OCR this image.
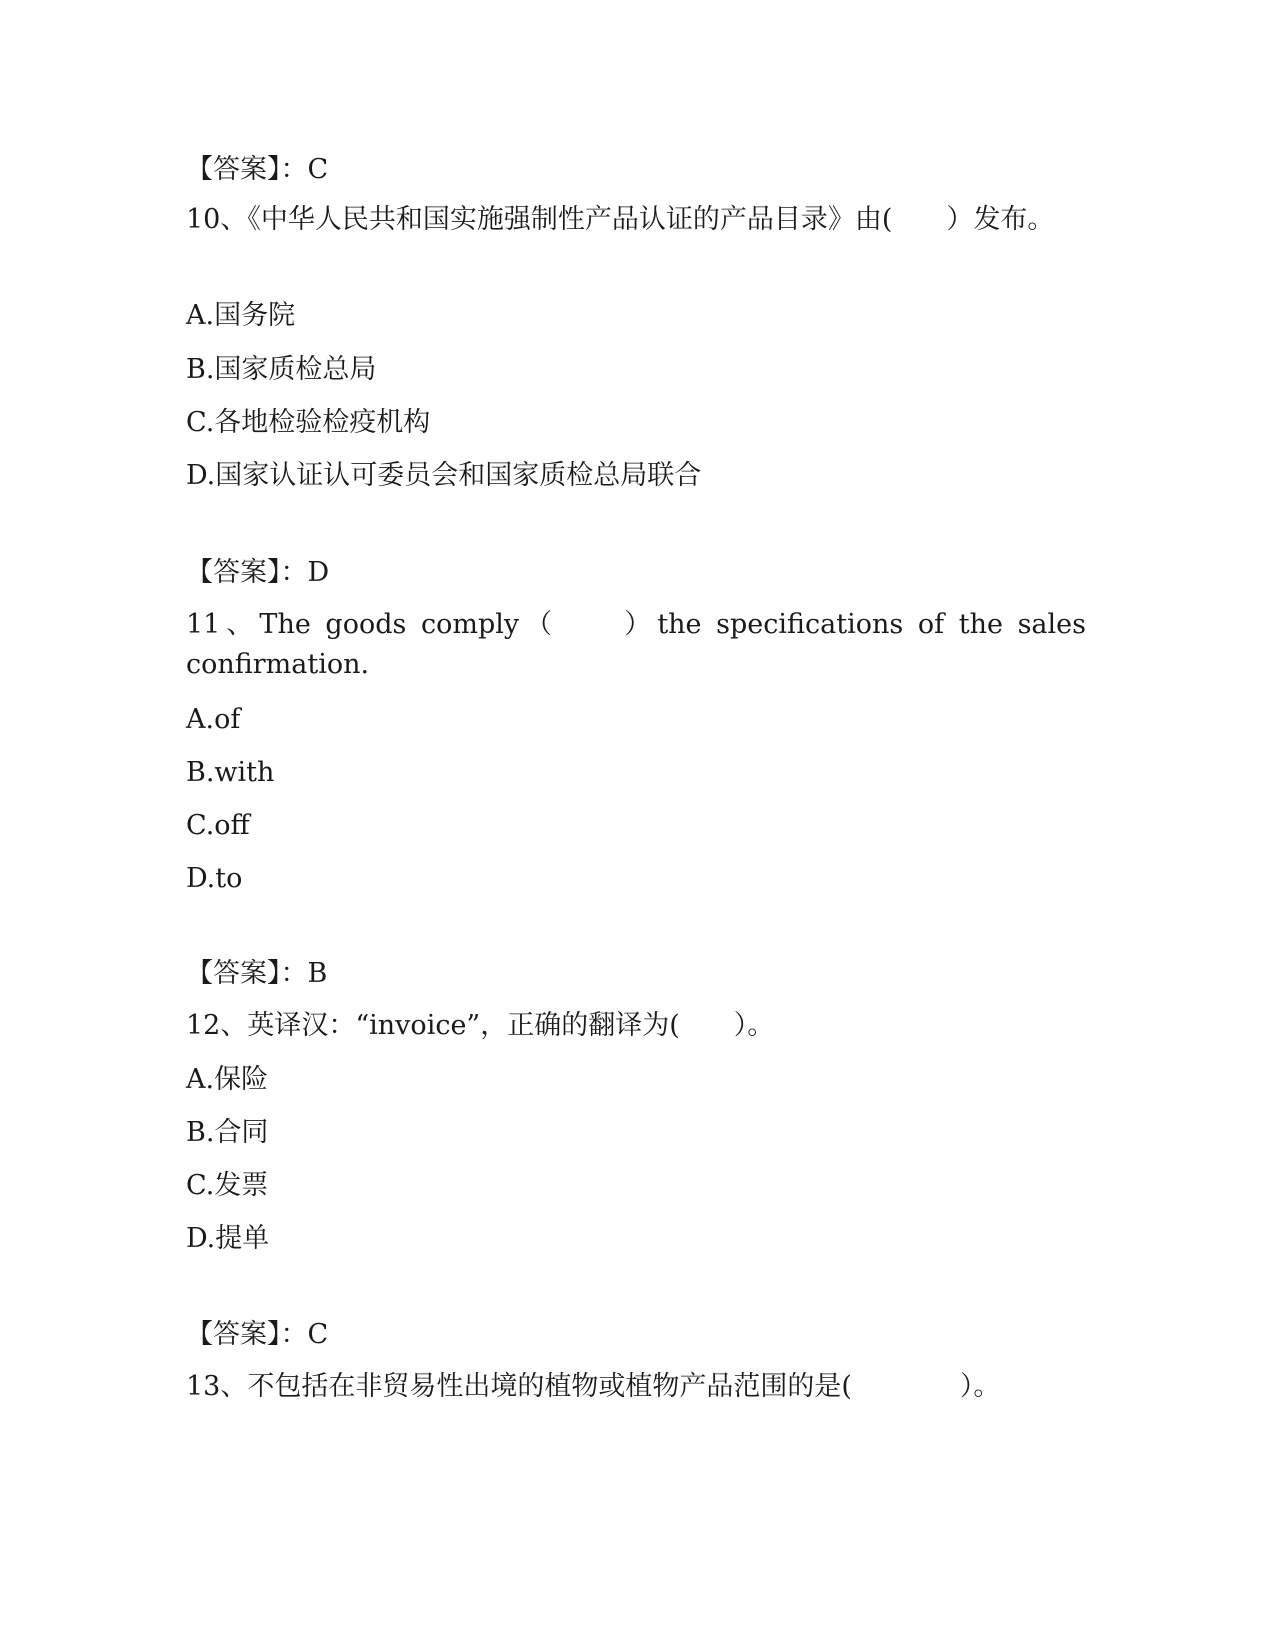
【答案】：C

10、《中华人民共和国实施强制性产品认证的产品目录》由(　　）发布。

A.国务院

B.国家质检总局

C.各地检验检疫机构

D.国家认证认可委员会和国家质检总局联合

【答案】：D

11、The goods comply（　　）the specifications of the sales confirmation.

A.of

B.with

C.off

D.to

【答案】：B

12、英译汉：“invoice”，正确的翻译为(　　）。

A.保险

B.合同

C.发票

D.提单

【答案】：C

13、不包括在非贸易性出境的植物或植物产品范围的是(　　　　）。
